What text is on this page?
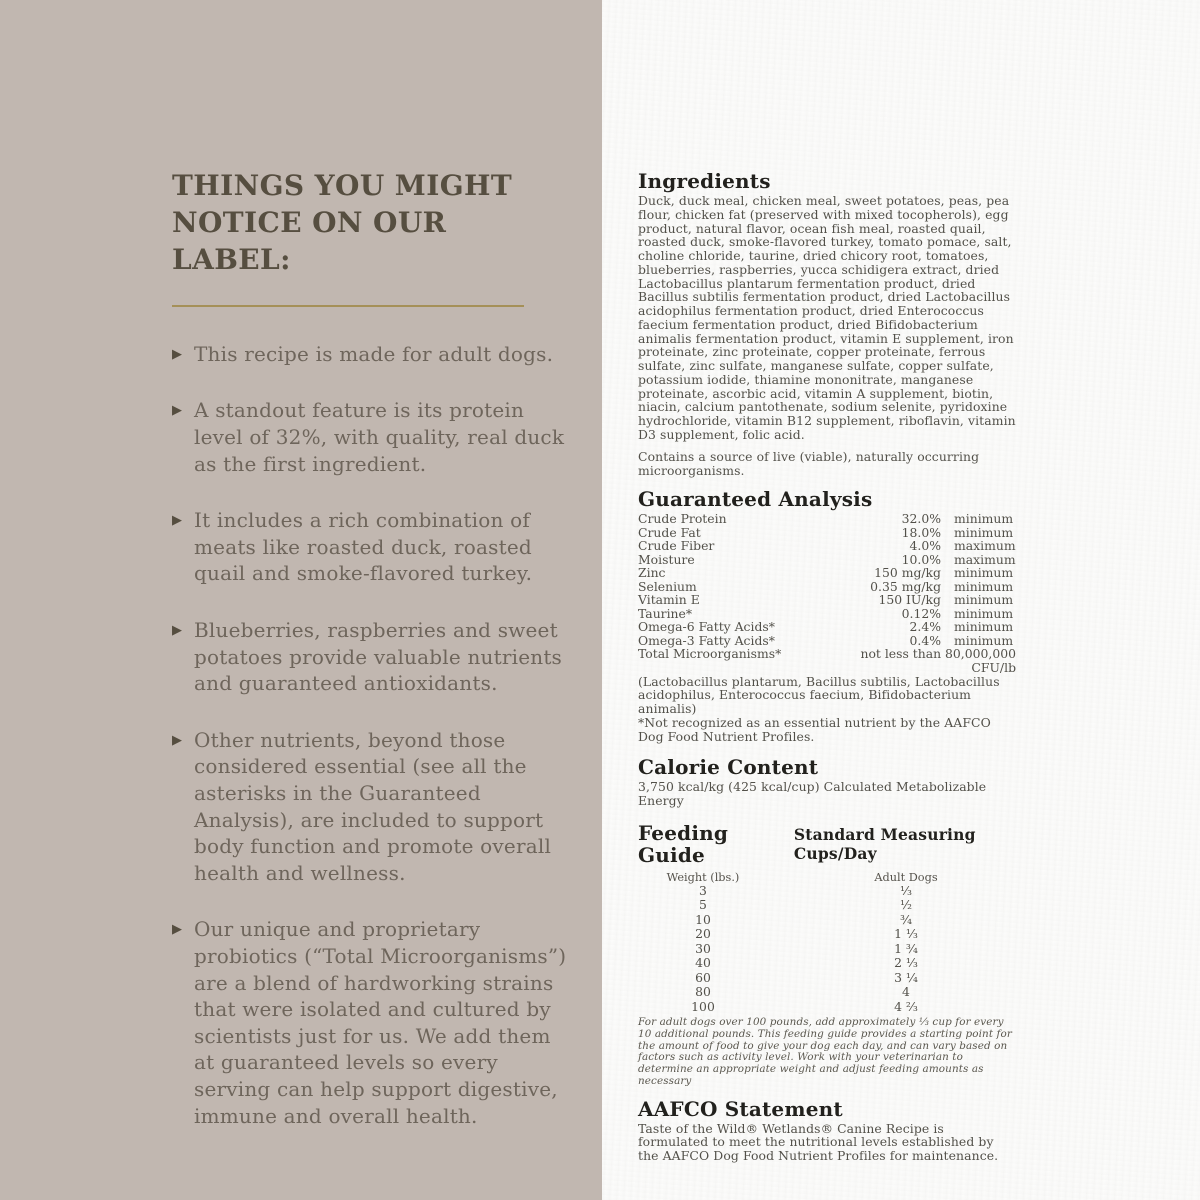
THINGS YOU MIGHT
NOTICE ON OUR LABEL:
▶ This recipe is made for adult dogs.
▶ A standout feature is its protein level of 32%, with quality, real duck as the first ingredient.
▶ It includes a rich combination of meats like roasted duck, roasted quail and smoke-flavored turkey.
▶ Blueberries, raspberries and sweet potatoes provide valuable nutrients and guaranteed antioxidants.
▶ Other nutrients, beyond those considered essential (see all the asterisks in the Guaranteed Analysis), are included to support body function and promote overall health and wellness.
▶ Our unique and proprietary probiotics (“Total Microorganisms”) are a blend of hardworking strains that were isolated and cultured by scientists just for us. We add them at guaranteed levels so every serving can help support digestive, immune and overall health.
Ingredients

Duck, duck meal, chicken meal, sweet potatoes, peas, pea flour, chicken fat (preserved with mixed tocopherols), egg product, natural flavor, ocean fish meal, roasted quail, roasted duck, smoke-flavored turkey, tomato pomace, salt, choline chloride, taurine, dried chicory root, tomatoes, blueberries, raspberries, yucca schidigera extract, dried Lactobacillus plantarum fermentation product, dried Bacillus subtilis fermentation product, dried Lactobacillus acidophilus fermentation product, dried Enterococcus faecium fermentation product, dried Bifidobacterium animalis fermentation product, vitamin E supplement, iron proteinate, zinc proteinate, copper proteinate, ferrous sulfate, zinc sulfate, manganese sulfate, copper sulfate, potassium iodide, thiamine mononitrate, manganese proteinate, ascorbic acid, vitamin A supplement, biotin, niacin, calcium pantothenate, sodium selenite, pyridoxine hydrochloride, vitamin B12 supplement, riboflavin, vitamin D3 supplement, folic acid.

Contains a source of live (viable), naturally occurring microorganisms.

Guaranteed Analysis
Crude Protein	32.0% minimum
Crude Fat	18.0% minimum
Crude Fiber	4.0% maximum
Moisture	10.0% maximum
Zinc	150 mg/kg minimum
Selenium	0.35 mg/kg minimum
Vitamin E	150 IU/kg minimum
Taurine*	0.12% minimum
Omega-6 Fatty Acids*	2.4% minimum
Omega-3 Fatty Acids*	0.4% minimum
Total Microorganisms*	not less than 80,000,000 CFU/lb

(Lactobacillus plantarum, Bacillus subtilis, Lactobacillus acidophilus, Enterococcus faecium, Bifidobacterium animalis)

*Not recognized as an essential nutrient by the AAFCO Dog Food Nutrient Profiles.

Calorie Content

3,750 kcal/kg (425 kcal/cup) Calculated Metabolizable Energy

Feeding Guide
Standard Measuring Cups/Day
Weight (lbs.)	Adult Dogs
3	⅓
5	½
10	¾
20	1 ⅓
30	1 ¾
40	2 ⅓
60	3 ¼
80	4
100	4 ⅔

For adult dogs over 100 pounds, add approximately ⅓ cup for every 10 additional pounds. This feeding guide provides a starting point for the amount of food to give your dog each day, and can vary based on factors such as activity level. Work with your veterinarian to determine an appropriate weight and adjust feeding amounts as necessary

AAFCO Statement

Taste of the Wild® Wetlands® Canine Recipe is formulated to meet the nutritional levels established by the AAFCO Dog Food Nutrient Profiles for maintenance.
